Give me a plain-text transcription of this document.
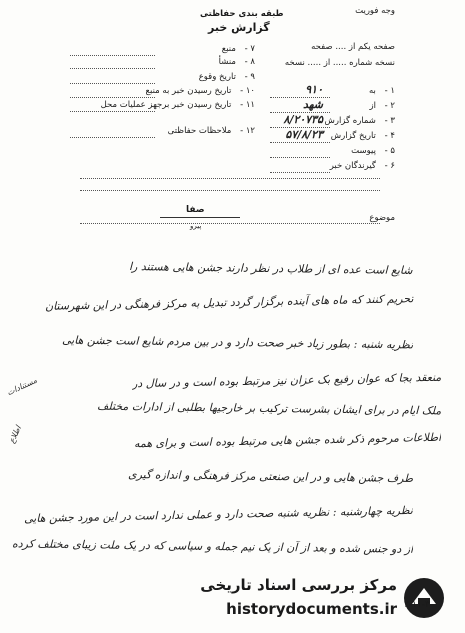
وجه فوریت
طبقه بندی حفاظتی
گزارش خبر
صفحه یکم از .... صفحه
نسخه شماره ..... از ..... نسخه
۱ - به
۹۱۰
۲ - از
شهد
۳ - شماره گزارش
۸/۲۰۷۳۵
۴ - تاریخ گزارش
۵۷/۸/۲۳
۵ - پیوست
۶ - گیرندگان خبر
۷ - منبع
۸ - منشأ
۹ - تاریخ وقوع
۱۰ - تاریخ رسیدن خبر به منبع
۱۱ - تاریخ رسیدن خبر برجهز عملیات محل
۱۲ - ملاحظات حفاظتی
موضوع
صفا
پیرو
شایع است عده ای از طلاب در نظر دارند جشن هایی هستند را
تحریم کنند که ماه های آینده برگزار گردد تبدیل به مرکز فرهنگی در این شهرستان
نظریه شنبه : بطور زیاد خبر صحت دارد و در بین مردم شایع است جشن هایی
منعقد بجا که عوان رفیع بک عزان نیز مرتبط بوده است و در سال در
ملک ایام در برای ایشان بشرست ترکیب بر خارجیها بطلبی از ادارات مختلف
اطلاعات مرحوم ذکر شده جشن هایی مرتبط بوده است و برای همه
طرف جشن هایی و در این صنعتی مرکز فرهنگی و اندازه گیری
نظریه چهارشنبه : نظریه شنبه صحت دارد و عملی ندارد است در این مورد جشن هایی
از دو جنس شده و بعد از آن از یک نیم جمله و سیاسی که در یک ملت زیبای مختلف کرده
مستنادات
اطلاع
مرکز بررسی اسناد تاریخی
historydocuments.ir ۲-۱۱-۳
